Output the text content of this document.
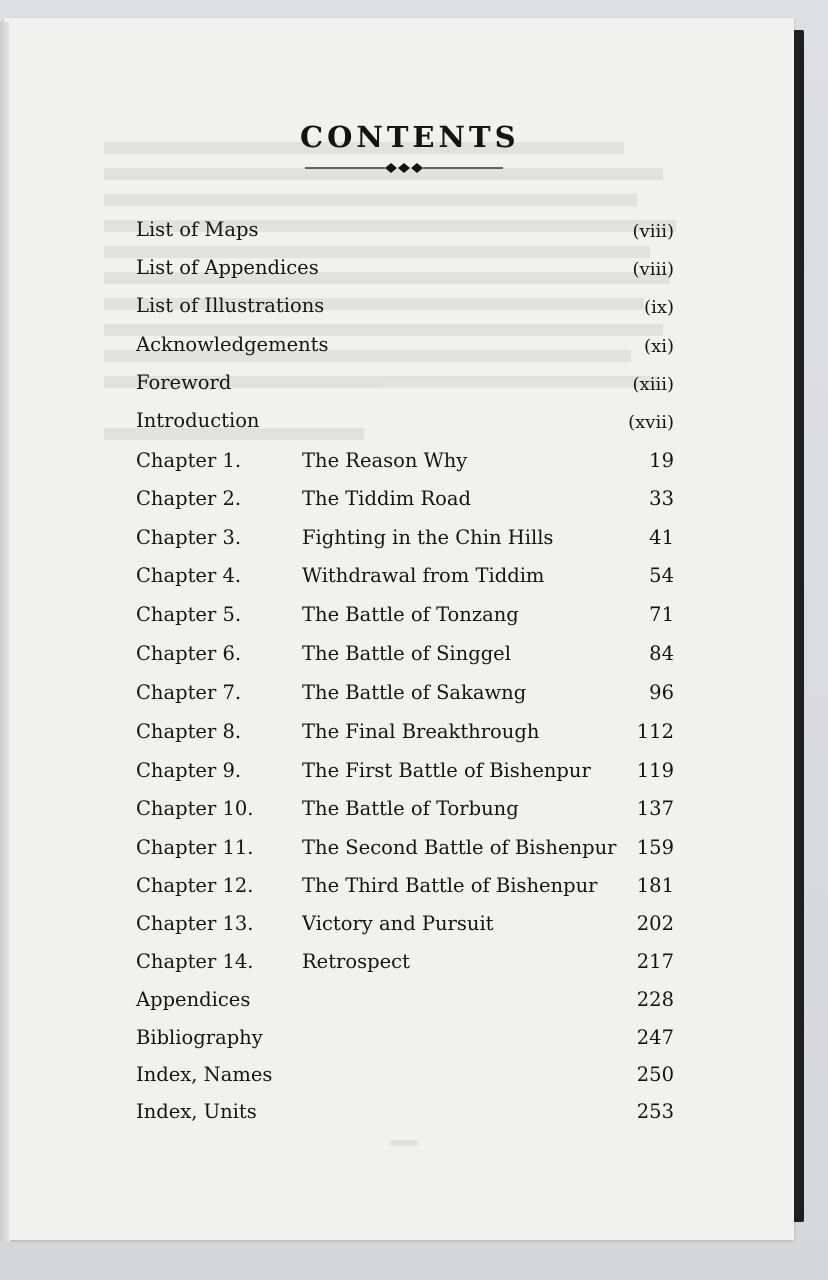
CONTENTS
List of Maps	(viii)
List of Appendices	(viii)
List of Illustrations	(ix)
Acknowledgements	(xi)
Foreword	(xiii)
Introduction	(xvii)
Chapter 1.	The Reason Why	19
Chapter 2.	The Tiddim Road	33
Chapter 3.	Fighting in the Chin Hills	41
Chapter 4.	Withdrawal from Tiddim	54
Chapter 5.	The Battle of Tonzang	71
Chapter 6.	The Battle of Singgel	84
Chapter 7.	The Battle of Sakawng	96
Chapter 8.	The Final Breakthrough	112
Chapter 9.	The First Battle of Bishenpur 119
Chapter 10. The Battle of Torbung	137
Chapter 11. The Second Battle of Bishenpur 159
Chapter 12. The Third Battle of Bishenpur 181
Chapter 13. Victory and Pursuit	202
Chapter 14. Retrospect	217
Appendices	228
Bibliography	247
Index, Names	250
Index, Units	253
